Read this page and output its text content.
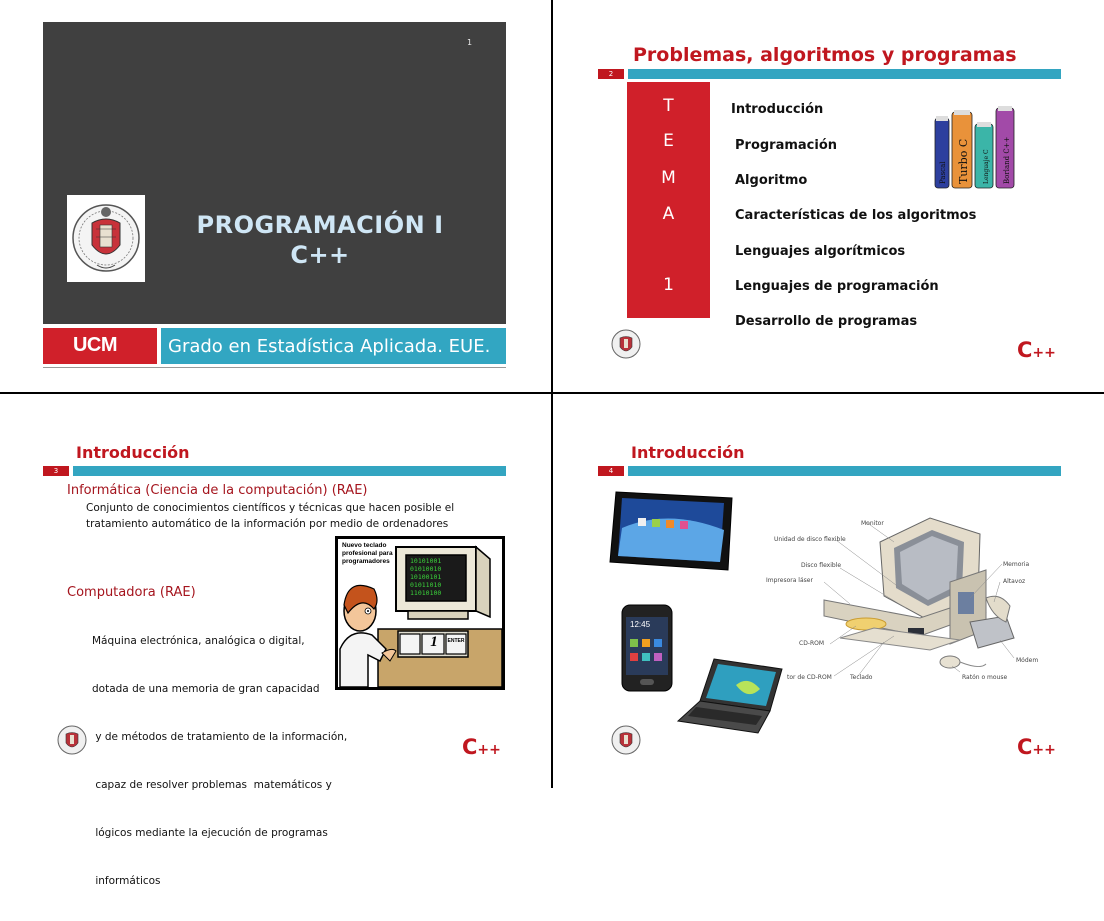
1
PROGRAMACIÓN I
C++
UCM	Grado en Estadística Aplicada. EUE.
Problemas, algoritmos y programas
2
T
E
M
A
1
Introducción
Programación
Algoritmo
Características de los algoritmos
Lenguajes algorítmicos
Lenguajes de programación
Desarrollo de programas
Pascal Turbo C Lenguaje C Borland C++
C++
Introducción
3
Informática (Ciencia de la computación) (RAE)
Conjunto de conocimientos científicos y técnicas que hacen posible el
tratamiento automático de la información por medio de ordenadores
Computadora (RAE)

Máquina electrónica, analógica o digital,

dotada de una memoria de gran capacidad

y de métodos de tratamiento de la información,

capaz de resolver problemas  matemáticos y

lógicos mediante la ejecución de programas

informáticos

Nuevo teclado profesional para programadores	10101001
01010010
10100101
01011010
11010100
1	ENTER
C++
Introducción
4
12:45
Monitor
Unidad de disco flexible
Disco flexible
Impresora láser
CD-ROM
tor de CD-ROM	Teclado
Memoria
Altavoz
Módem
Ratón o mouse
C++
